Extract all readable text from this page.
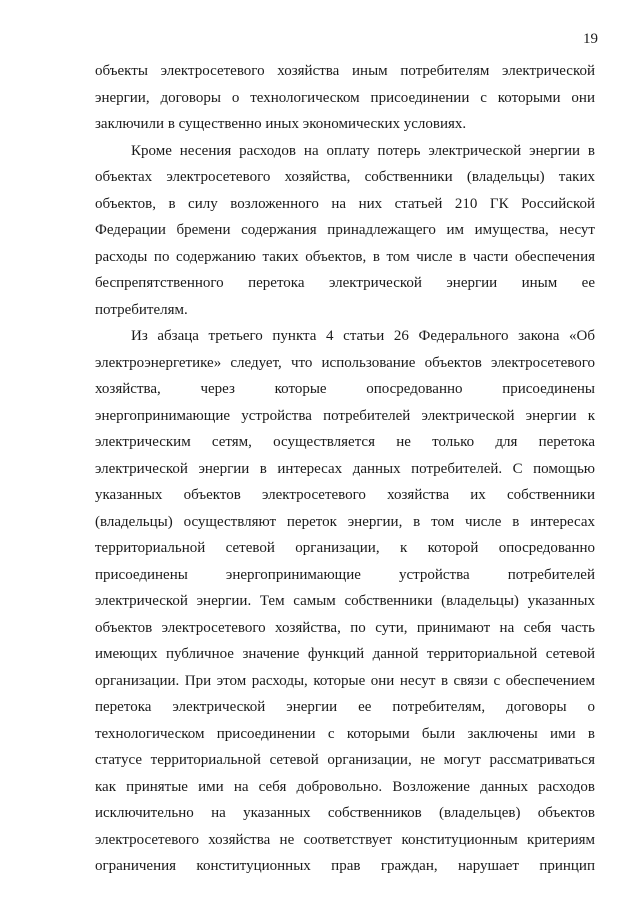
19
объекты электросетевого хозяйства иным потребителям электрической
энергии, договоры о технологическом присоединении с которыми они
заключили в существенно иных экономических условиях.
Кроме несения расходов на оплату потерь электрической энергии в
объектах электросетевого хозяйства, собственники (владельцы) таких
объектов, в силу возложенного на них статьей 210 ГК Российской
Федерации бремени содержания принадлежащего им имущества, несут
расходы по содержанию таких объектов, в том числе в части обеспечения
беспрепятственного перетока электрической энергии иным ее
потребителям.
Из абзаца третьего пункта 4 статьи 26 Федерального закона «Об
электроэнергетике» следует, что использование объектов электросетевого
хозяйства, через которые опосредованно присоединены
энергопринимающие устройства потребителей электрической энергии к
электрическим сетям, осуществляется не только для перетока
электрической энергии в интересах данных потребителей. С помощью
указанных объектов электросетевого хозяйства их собственники
(владельцы) осуществляют переток энергии, в том числе в интересах
территориальной сетевой организации, к которой опосредованно
присоединены энергопринимающие устройства потребителей
электрической энергии. Тем самым собственники (владельцы) указанных
объектов электросетевого хозяйства, по сути, принимают на себя часть
имеющих публичное значение функций данной территориальной сетевой
организации. При этом расходы, которые они несут в связи с обеспечением
перетока электрической энергии ее потребителям, договоры о
технологическом присоединении с которыми были заключены ими в
статусе территориальной сетевой организации, не могут рассматриваться
как принятые ими на себя добровольно. Возложение данных расходов
исключительно на указанных собственников (владельцев) объектов
электросетевого хозяйства не соответствует конституционным критериям
ограничения конституционных прав граждан, нарушает принцип
